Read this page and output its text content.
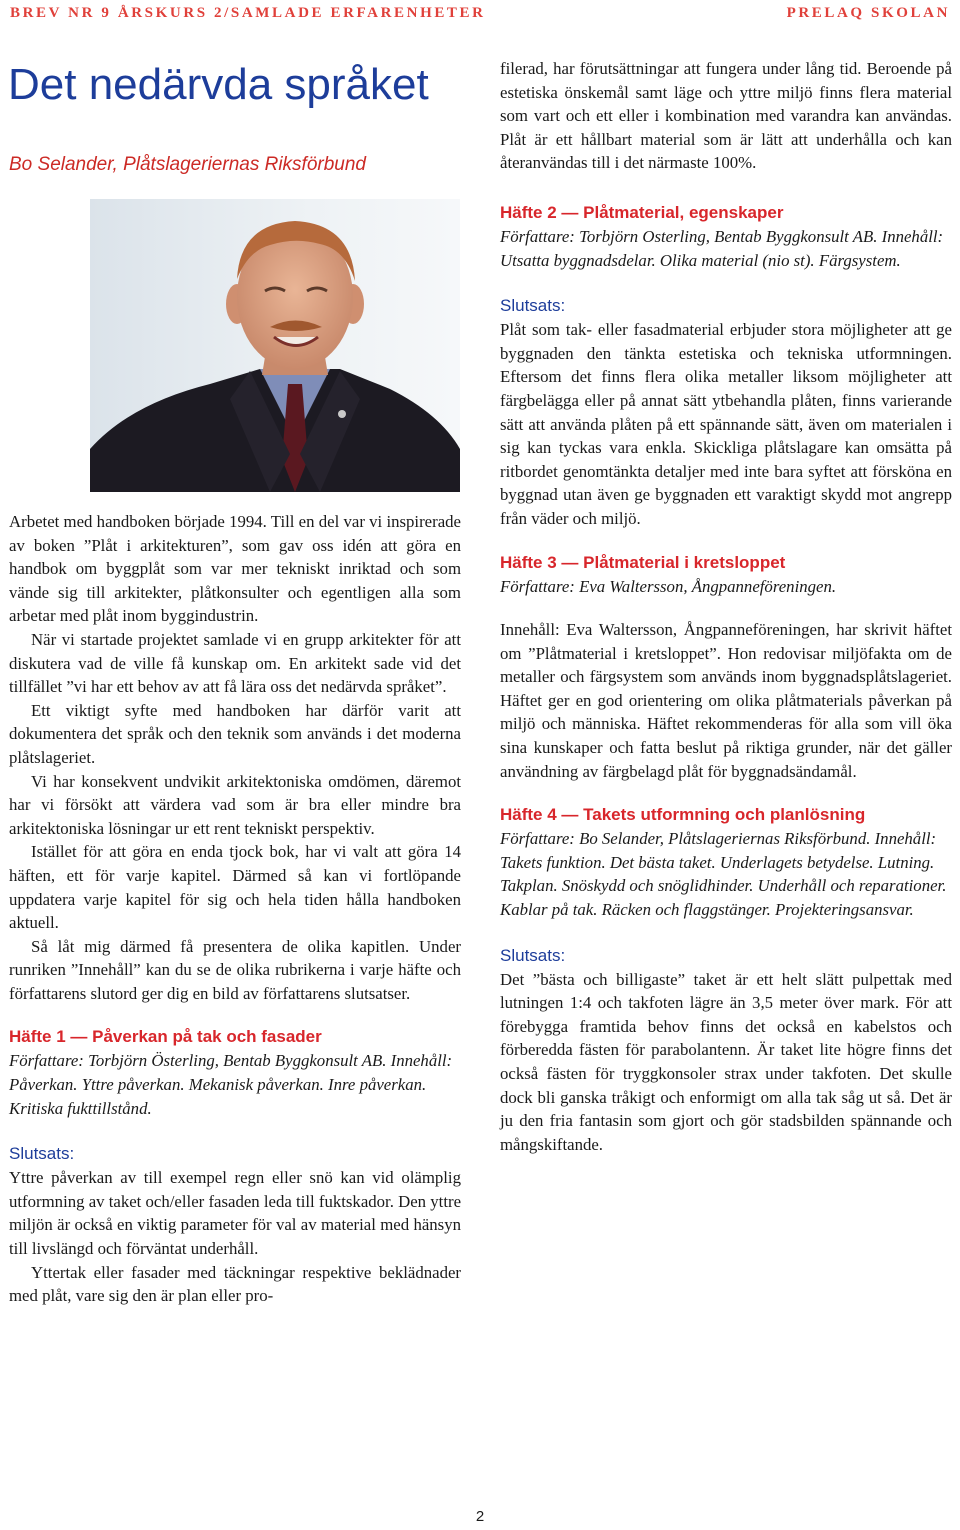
BREV NR 9 ÅRSKURS 2/SAMLADE ERFARENHETER	PRELAQ SKOLAN
Det nedärvda språket
Bo Selander, Plåtslageriernas Riksförbund

Arbetet med handboken började 1994. Till en del var vi inspirerade av boken ”Plåt i arkitekturen”, som gav oss idén att göra en handbok om byggplåt som var mer tekniskt inriktad och som vände sig till arkitekter, plåtkonsulter och egentligen alla som arbetar med plåt inom byggindustrin.

När vi startade projektet samlade vi en grupp arkitekter för att diskutera vad de ville få kunskap om. En arkitekt sade vid det tillfället ”vi har ett behov av att få lära oss det nedärvda språket”.

Ett viktigt syfte med handboken har därför varit att dokumentera det språk och den teknik som används i det moderna plåtslageriet.

Vi har konsekvent undvikit arkitektoniska omdömen, däremot har vi försökt att värdera vad som är bra eller mindre bra arkitektoniska lösningar ur ett rent tekniskt perspektiv.

Istället för att göra en enda tjock bok, har vi valt att göra 14 häften, ett för varje kapitel. Därmed så kan vi fortlöpande uppdatera varje kapitel för sig och hela tiden hålla handboken aktuell.

Så låt mig därmed få presentera de olika kapitlen. Under runriken ”Innehåll” kan du se de olika rubrikerna i varje häfte och författarens slutord ger dig en bild av författarens slutsatser.

Häfte 1 — Påverkan på tak och fasader

Författare: Torbjörn Österling, Bentab Byggkonsult AB. Innehåll: Påverkan. Yttre påverkan. Mekanisk påverkan. Inre påverkan. Kritiska fukttillstånd.

Slutsats:

Yttre påverkan av till exempel regn eller snö kan vid olämplig utformning av taket och/eller fasaden leda till fuktskador. Den yttre miljön är också en viktig parameter för val av material med hänsyn till livslängd och förväntat underhåll.

Yttertak eller fasader med täckningar respektive beklädnader med plåt, vare sig den är plan eller pro-

filerad, har förutsättningar att fungera under lång tid. Beroende på estetiska önskemål samt läge och yttre miljö finns flera material som vart och ett eller i kombination med varandra kan användas. Plåt är ett hållbart material som är lätt att underhålla och kan återanvändas till i det närmaste 100%.

Häfte 2 — Plåtmaterial, egenskaper

Författare: Torbjörn Osterling, Bentab Byggkonsult AB. Innehåll: Utsatta byggnadsdelar. Olika material (nio st). Färgsystem.

Slutsats:

Plåt som tak- eller fasadmaterial erbjuder stora möjligheter att ge byggnaden den tänkta estetiska och tekniska utformningen. Eftersom det finns flera olika metaller liksom möjligheter att färgbelägga eller på annat sätt ytbehandla plåten, finns varierande sätt att använda plåten på ett spännande sätt, även om materialen i sig kan tyckas vara enkla. Skickliga plåtslagare kan omsätta på ritbordet genomtänkta detaljer med inte bara syftet att försköna en byggnad utan även ge byggnaden ett varaktigt skydd mot angrepp från väder och miljö.

Häfte 3 — Plåtmaterial i kretsloppet

Författare: Eva Waltersson, Ångpanneföreningen.

Innehåll: Eva Waltersson, Ångpanneföreningen, har skrivit häftet om ”Plåtmaterial i kretsloppet”. Hon redovisar miljöfakta om de metaller och färgsystem som används inom byggnadsplåtslageriet. Häftet ger en god orientering om olika plåtmaterials påverkan på miljö och människa. Häftet rekommenderas för alla som vill öka sina kunskaper och fatta beslut på riktiga grunder, när det gäller användning av färgbelagd plåt för byggnadsändamål.

Häfte 4 — Takets utformning och planlösning

Författare: Bo Selander, Plåtslageriernas Riksförbund. Innehåll: Takets funktion. Det bästa taket. Underlagets betydelse. Lutning. Takplan. Snöskydd och snöglidhinder. Underhåll och reparationer. Kablar på tak. Räcken och flaggstänger. Projekteringsansvar.

Slutsats:

Det ”bästa och billigaste” taket är ett helt slätt pulpettak med lutningen 1:4 och takfoten lägre än 3,5 meter över mark. För att förebygga framtida behov finns det också en kabelstos och förberedda fästen för parabolantenn. Är taket lite högre finns det också fästen för tryggkonsoler strax under takfoten. Det skulle dock bli ganska tråkigt och enformigt om alla tak såg ut så. Det är ju den fria fantasin som gjort och gör stadsbilden spännande och mångskiftande.

2
